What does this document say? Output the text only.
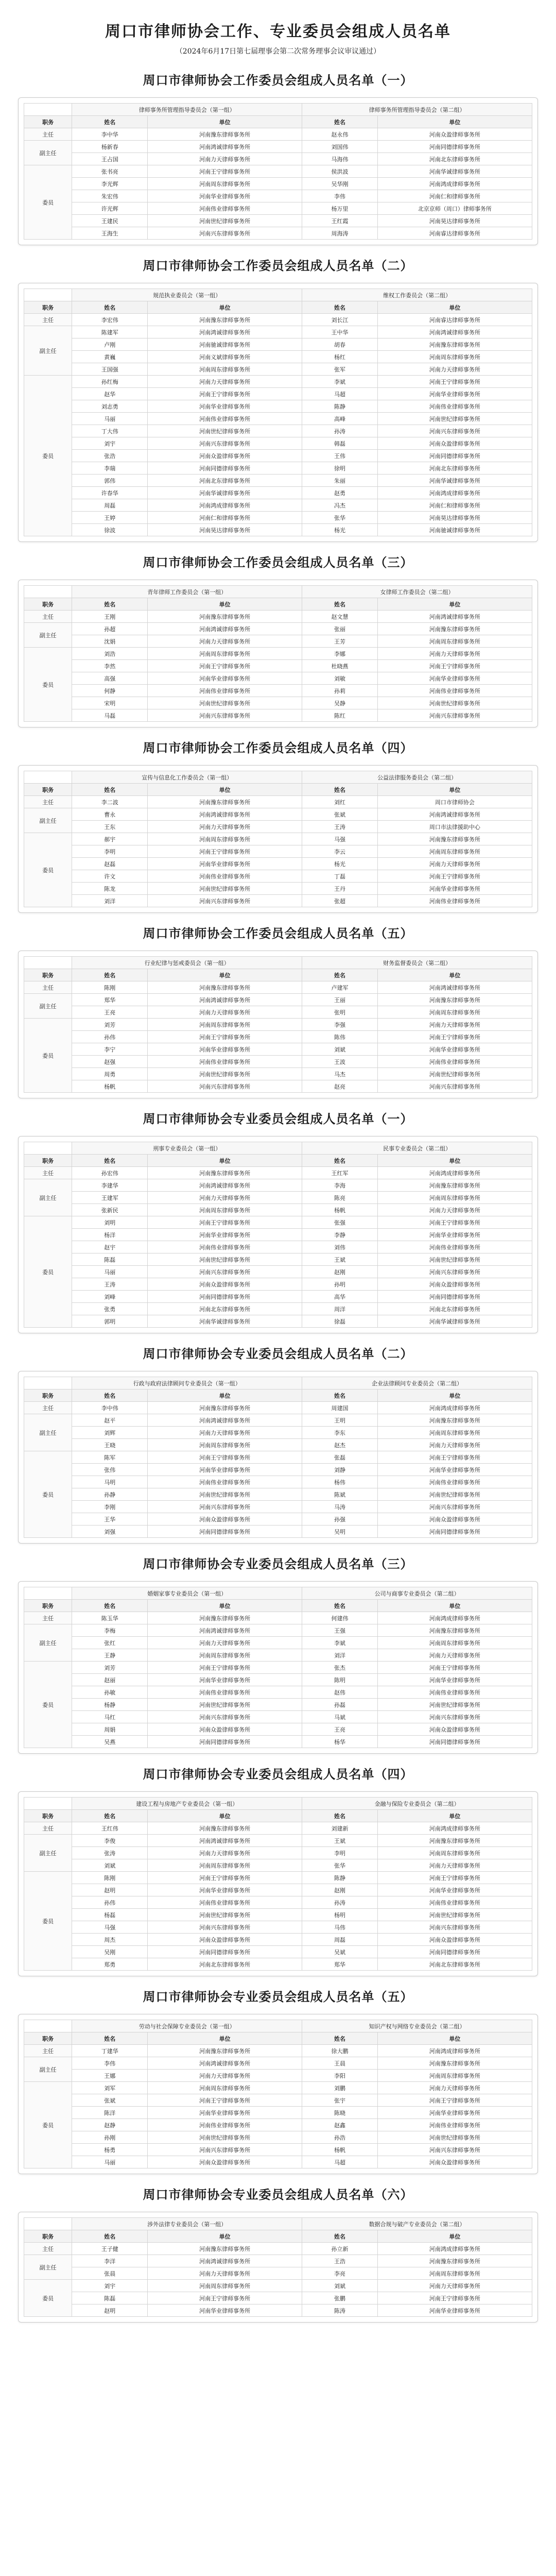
周口市律师协会工作、专业委员会组成人员名单
（2024年6月17日第七届理事会第二次常务理事会议审议通过）
周口市律师协会工作委员会组成人员名单（一）
	律师事务所管理指导委员会（第一组）		律师事务所管理指导委员会（第二组）	
职务	姓名	单位	姓名	单位
主任	李中华	河南豫东律师事务所	赵永伟	河南众盈律师事务所
副主任	杨新春	河南鸿诚律师事务所	刘国伟	河南同德律师事务所
	王占国	河南力天律师事务所	马海伟	河南北东律师事务所
委员	张书亮	河南王宁律师事务所	侯洪波	河南华诚律师事务所
	李光辉	河南周东律师事务所	吴华刚	河南鸿成律师事务所
	朱宏伟	河南华业律师事务所	李伟	河南仁和律师事务所
	许光辉	河南伟业律师事务所	杨万里	北京京师（周口）律师事务所
	王建民	河南世纪律师事务所	王红霞	河南昊达律师事务所
	王海生	河南兴东律师事务所	周海涛	河南睿达律师事务所
周口市律师协会工作委员会组成人员名单（二）
	规范执业委员会（第一组）		维权工作委员会（第二组）	
职务	姓名	单位	姓名	单位
主任	李宏伟	河南豫东律师事务所	刘长江	河南睿达律师事务所
副主任	陈建军	河南鸿诚律师事务所	王中华	河南鸿诚律师事务所
	卢刚	河南驰诚律师事务所	胡春	河南豫东律师事务所
	黄巍	河南义斌律师事务所	杨红	河南周东律师事务所
	王国强	河南周东律师事务所	张军	河南力天律师事务所
委员	孙红梅	河南力天律师事务所	李斌	河南王宁律师事务所
	赵华	河南王宁律师事务所	马超	河南华业律师事务所
	刘志勇	河南华业律师事务所	陈静	河南伟业律师事务所
	马丽	河南伟业律师事务所	高峰	河南世纪律师事务所
	丁大伟	河南世纪律师事务所	孙涛	河南兴东律师事务所
	刘宇	河南兴东律师事务所	韩磊	河南众盈律师事务所
	张浩	河南众盈律师事务所	王伟	河南同德律师事务所
	李瑞	河南同德律师事务所	徐明	河南北东律师事务所
	郭伟	河南北东律师事务所	朱丽	河南华诚律师事务所
	许春华	河南华诚律师事务所	赵勇	河南鸿成律师事务所
	周磊	河南鸿成律师事务所	冯杰	河南仁和律师事务所
	王婷	河南仁和律师事务所	张华	河南昊达律师事务所
	徐波	河南昊达律师事务所	杨光	河南驰诚律师事务所
周口市律师协会工作委员会组成人员名单（三）
	青年律师工作委员会（第一组）		女律师工作委员会（第二组）	
职务	姓名	单位	姓名	单位
主任	王刚	河南豫东律师事务所	赵文慧	河南鸿诚律师事务所
副主任	孙超	河南鸿诚律师事务所	张丽	河南豫东律师事务所
	沈娟	河南力天律师事务所	王芳	河南周东律师事务所
委员	刘浩	河南周东律师事务所	李娜	河南力天律师事务所
	李然	河南王宁律师事务所	杜晓燕	河南王宁律师事务所
	高强	河南华业律师事务所	刘敏	河南华业律师事务所
	何静	河南伟业律师事务所	孙莉	河南伟业律师事务所
	宋明	河南世纪律师事务所	吴静	河南世纪律师事务所
	马磊	河南兴东律师事务所	陈红	河南兴东律师事务所
周口市律师协会工作委员会组成人员名单（四）
	宣传与信息化工作委员会（第一组）		公益法律服务委员会（第二组）	
职务	姓名	单位	姓名	单位
主任	李二波	河南豫东律师事务所	刘红	周口市律师协会
副主任	曹永	河南鸿诚律师事务所	张斌	河南鸿诚律师事务所
	王东	河南力天律师事务所	王涛	周口市法律援助中心
委员	郝宇	河南周东律师事务所	马强	河南豫东律师事务所
	李明	河南王宁律师事务所	李云	河南周东律师事务所
	赵磊	河南华业律师事务所	杨光	河南力天律师事务所
	许文	河南伟业律师事务所	丁磊	河南王宁律师事务所
	陈龙	河南世纪律师事务所	王丹	河南华业律师事务所
	刘洋	河南兴东律师事务所	张超	河南伟业律师事务所
周口市律师协会工作委员会组成人员名单（五）
	行业纪律与惩戒委员会（第一组）		财务监督委员会（第二组）	
职务	姓名	单位	姓名	单位
主任	陈刚	河南豫东律师事务所	卢建军	河南鸿诚律师事务所
副主任	郑华	河南鸿诚律师事务所	王丽	河南豫东律师事务所
	王亮	河南力天律师事务所	张明	河南周东律师事务所
委员	刘芳	河南周东律师事务所	李强	河南力天律师事务所
	孙伟	河南王宁律师事务所	陈伟	河南王宁律师事务所
	李宁	河南华业律师事务所	刘斌	河南华业律师事务所
	赵强	河南伟业律师事务所	王波	河南伟业律师事务所
	周勇	河南世纪律师事务所	马杰	河南世纪律师事务所
	杨帆	河南兴东律师事务所	赵亮	河南兴东律师事务所
周口市律师协会专业委员会组成人员名单（一）
	刑事专业委员会（第一组）		民事专业委员会（第二组）	
职务	姓名	单位	姓名	单位
主任	孙宏伟	河南豫东律师事务所	王红军	河南鸿成律师事务所
副主任	李建华	河南鸿诚律师事务所	李海	河南豫东律师事务所
	王建军	河南力天律师事务所	陈亮	河南周东律师事务所
	张新民	河南周东律师事务所	杨帆	河南力天律师事务所
委员	刘明	河南王宁律师事务所	张强	河南王宁律师事务所
	杨洋	河南华业律师事务所	李静	河南华业律师事务所
	赵宇	河南伟业律师事务所	刘伟	河南伟业律师事务所
	陈磊	河南世纪律师事务所	王斌	河南世纪律师事务所
	马丽	河南兴东律师事务所	赵刚	河南兴东律师事务所
	王涛	河南众盈律师事务所	孙明	河南众盈律师事务所
	刘峰	河南同德律师事务所	高华	河南同德律师事务所
	张勇	河南北东律师事务所	周洋	河南北东律师事务所
	郭明	河南华诚律师事务所	徐磊	河南华诚律师事务所
周口市律师协会专业委员会组成人员名单（二）
	行政与政府法律顾问专业委员会（第一组）		企业法律顾问专业委员会（第二组）	
职务	姓名	单位	姓名	单位
主任	李中伟	河南豫东律师事务所	周建国	河南鸿成律师事务所
副主任	赵平	河南鸿诚律师事务所	王明	河南豫东律师事务所
	刘辉	河南力天律师事务所	李东	河南周东律师事务所
	王晓	河南周东律师事务所	赵杰	河南力天律师事务所
委员	陈军	河南王宁律师事务所	张磊	河南王宁律师事务所
	张伟	河南华业律师事务所	刘静	河南华业律师事务所
	马明	河南伟业律师事务所	杨伟	河南伟业律师事务所
	孙静	河南世纪律师事务所	陈斌	河南世纪律师事务所
	李刚	河南兴东律师事务所	马涛	河南兴东律师事务所
	王华	河南众盈律师事务所	孙强	河南众盈律师事务所
	刘强	河南同德律师事务所	吴明	河南同德律师事务所
周口市律师协会专业委员会组成人员名单（三）
	婚姻家事专业委员会（第一组）		公司与商事专业委员会（第二组）	
职务	姓名	单位	姓名	单位
主任	陈玉华	河南豫东律师事务所	何建伟	河南鸿成律师事务所
副主任	李梅	河南鸿诚律师事务所	王强	河南豫东律师事务所
	张红	河南力天律师事务所	李斌	河南周东律师事务所
	王静	河南周东律师事务所	刘洋	河南力天律师事务所
委员	刘芳	河南王宁律师事务所	张杰	河南王宁律师事务所
	赵丽	河南华业律师事务所	陈明	河南华业律师事务所
	孙敏	河南伟业律师事务所	赵伟	河南伟业律师事务所
	杨静	河南世纪律师事务所	孙磊	河南世纪律师事务所
	马红	河南兴东律师事务所	马斌	河南兴东律师事务所
	周娟	河南众盈律师事务所	王亮	河南众盈律师事务所
	吴燕	河南同德律师事务所	杨华	河南同德律师事务所
周口市律师协会专业委员会组成人员名单（四）
	建设工程与房地产专业委员会（第一组）		金融与保险专业委员会（第二组）	
职务	姓名	单位	姓名	单位
主任	王红伟	河南豫东律师事务所	刘建新	河南鸿成律师事务所
副主任	李俊	河南鸿诚律师事务所	王斌	河南豫东律师事务所
	张涛	河南力天律师事务所	李明	河南周东律师事务所
	刘斌	河南周东律师事务所	张华	河南力天律师事务所
委员	陈刚	河南王宁律师事务所	陈静	河南王宁律师事务所
	赵明	河南华业律师事务所	赵刚	河南华业律师事务所
	孙伟	河南伟业律师事务所	孙涛	河南伟业律师事务所
	杨磊	河南世纪律师事务所	杨明	河南世纪律师事务所
	马强	河南兴东律师事务所	马伟	河南兴东律师事务所
	周杰	河南众盈律师事务所	周磊	河南众盈律师事务所
	吴刚	河南同德律师事务所	吴斌	河南同德律师事务所
	郑勇	河南北东律师事务所	郑华	河南北东律师事务所
周口市律师协会专业委员会组成人员名单（五）
	劳动与社会保障专业委员会（第一组）		知识产权与网络专业委员会（第二组）	
职务	姓名	单位	姓名	单位
主任	丁建华	河南豫东律师事务所	徐大鹏	河南鸿成律师事务所
副主任	李伟	河南鸿诚律师事务所	王晨	河南豫东律师事务所
	王娜	河南力天律师事务所	李阳	河南周东律师事务所
委员	刘军	河南周东律师事务所	刘鹏	河南力天律师事务所
	张斌	河南王宁律师事务所	张宇	河南王宁律师事务所
	陈洋	河南华业律师事务所	陈晓	河南华业律师事务所
	赵静	河南伟业律师事务所	赵鑫	河南伟业律师事务所
	孙刚	河南世纪律师事务所	孙浩	河南世纪律师事务所
	杨勇	河南兴东律师事务所	杨帆	河南兴东律师事务所
	马丽	河南众盈律师事务所	马超	河南众盈律师事务所
周口市律师协会专业委员会组成人员名单（六）
	涉外法律专业委员会（第一组）		数据合规与破产专业委员会（第二组）	
职务	姓名	单位	姓名	单位
主任	王子健	河南豫东律师事务所	孙立新	河南鸿成律师事务所
副主任	李洋	河南鸿诚律师事务所	王浩	河南豫东律师事务所
	张晨	河南力天律师事务所	李亮	河南周东律师事务所
委员	刘宇	河南周东律师事务所	刘斌	河南力天律师事务所
	陈磊	河南王宁律师事务所	张鹏	河南王宁律师事务所
	赵明	河南华业律师事务所	陈涛	河南华业律师事务所
